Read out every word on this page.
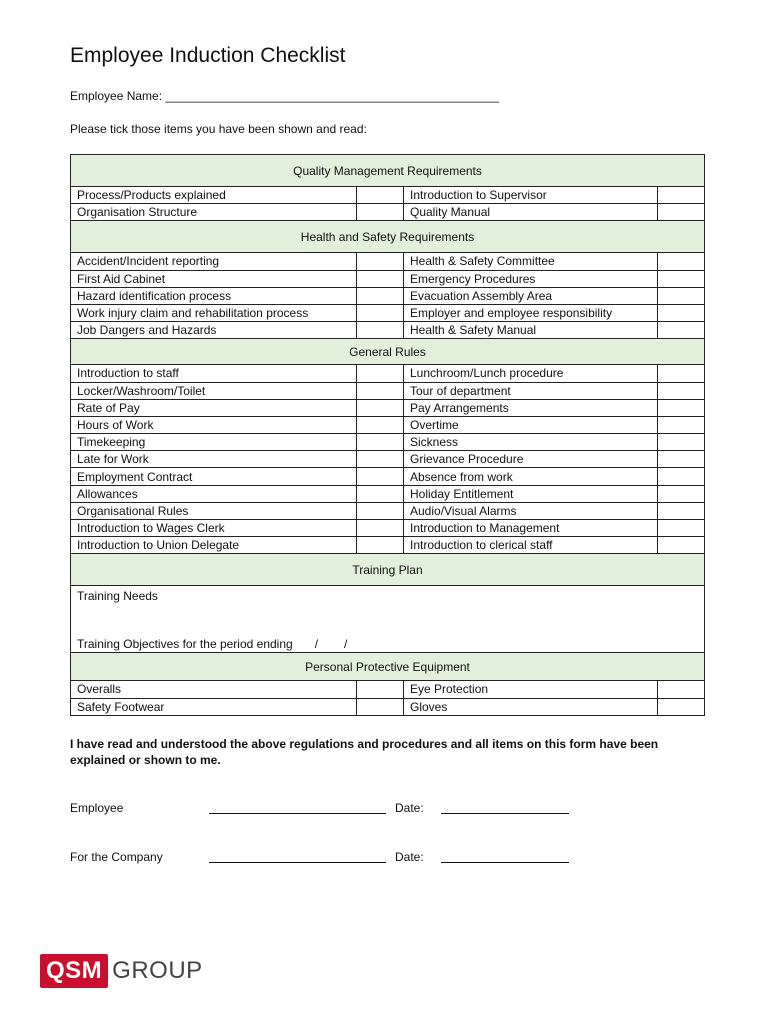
Employee Induction Checklist
Employee Name: __________________________________________________
Please tick those items you have been shown and read:
Quality Management Requirements			
Process/Products explained		Introduction to Supervisor	
Organisation Structure		Quality Manual	
Health and Safety Requirements			
Accident/Incident reporting		Health & Safety Committee	
First Aid Cabinet		Emergency Procedures	
Hazard identification process		Evacuation Assembly Area	
Work injury claim and rehabilitation process		Employer and employee responsibility	
Job Dangers and Hazards		Health & Safety Manual	
General Rules			
Introduction to staff		Lunchroom/Lunch procedure	
Locker/Washroom/Toilet		Tour of department	
Rate of Pay		Pay Arrangements	
Hours of Work		Overtime	
Timekeeping		Sickness	
Late for Work		Grievance Procedure	
Employment Contract		Absence from work	
Allowances		Holiday Entitlement	
Organisational Rules		Audio/Visual Alarms	
Introduction to Wages Clerk		Introduction to Management	
Introduction to Union Delegate		Introduction to clerical staff	
Training Plan			

Training Needs
Training Objectives for the period ending / /			

Personal Protective Equipment			
Overalls		Eye Protection	
Safety Footwear		Gloves	
I have read and understood the above regulations and procedures and all items on this form have been explained or shown to me.
Employee	Date:
For the Company	Date:
QSM GROUP
